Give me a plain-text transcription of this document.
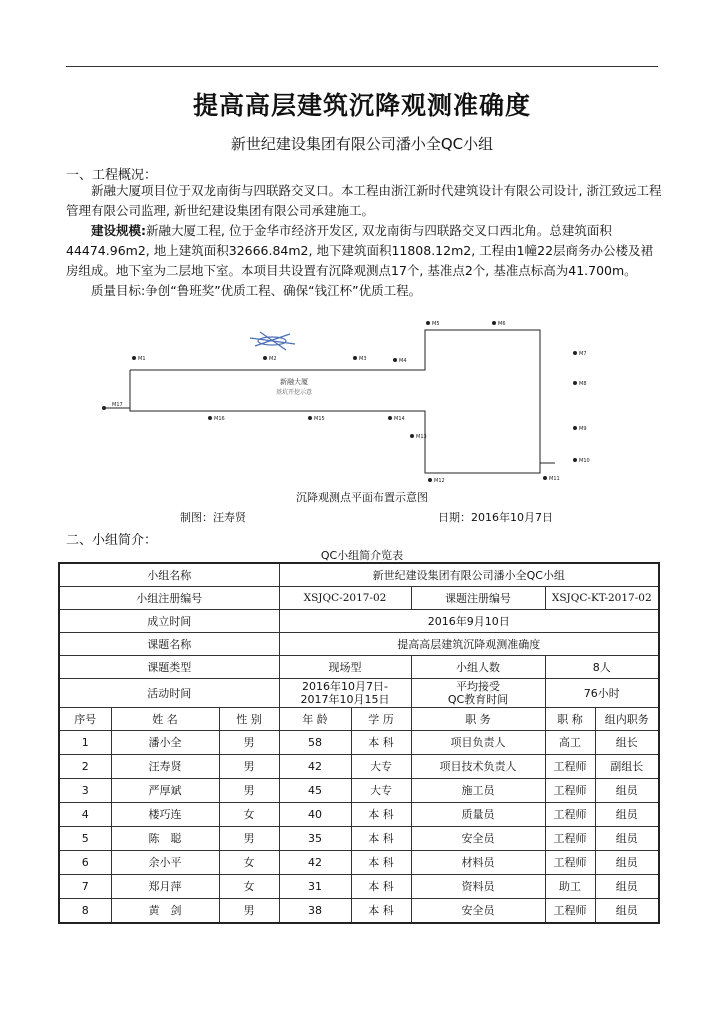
提高高层建筑沉降观测准确度
新世纪建设集团有限公司潘小全QC小组
一、工程概况：

新融大厦项目位于双龙南街与四联路交叉口。本工程由浙江新时代建筑设计有限公司设计, 浙江致远工程管理有限公司监理, 新世纪建设集团有限公司承建施工。

建设规模:新融大厦工程, 位于金华市经济开发区, 双龙南街与四联路交叉口西北角。总建筑面积44474.96m2, 地上建筑面积32666.84m2, 地下建筑面积11808.12m2, 工程由1幢22层商务办公楼及裙房组成。地下室为二层地下室。本项目共设置有沉降观测点17个, 基准点2个, 基准点标高为41.700m。

质量目标:争创“鲁班奖”优质工程、确保“钱江杯”优质工程。

新融大厦
基坑开挖示意
M1	M2	M3	M4
M5	M6
M7
M8
M9
M10
M11
M12
M13
M14
M15
M16
M17
沉降观测点平面布置示意图
制图：汪寿贤	日期：2016年10月7日
二、小组简介：
QC小组简介览表
小组名称			新世纪建设集团有限公司潘小全QC小组				
小组注册编号			XSJQC-2017-02		课题注册编号	XSJQC-KT-2017-02	
成立时间			2016年9月10日				
课题名称			提高高层建筑沉降观测准确度				
课题类型			现场型		小组人数	8人	
活动时间			2016年10月7日-
2017年10月15日		平均接受
QC教育时间	76小时	
序号	姓 名	性 别	年 龄	学 历	职 务	职 称	组内职务
1	潘小全	男	58	本 科	项目负责人	高工	组长
2	汪寿贤	男	42	大专	项目技术负责人	工程师	副组长
3	严厚斌	男	45	大专	施工员	工程师	组员
4	楼巧连	女	40	本 科	质量员	工程师	组员
5	陈　聪	男	35	本 科	安全员	工程师	组员
6	余小平	女	42	本 科	材料员	工程师	组员
7	郑月萍	女	31	本 科	资料员	助工	组员
8	黄　剑	男	38	本 科	安全员	工程师	组员
